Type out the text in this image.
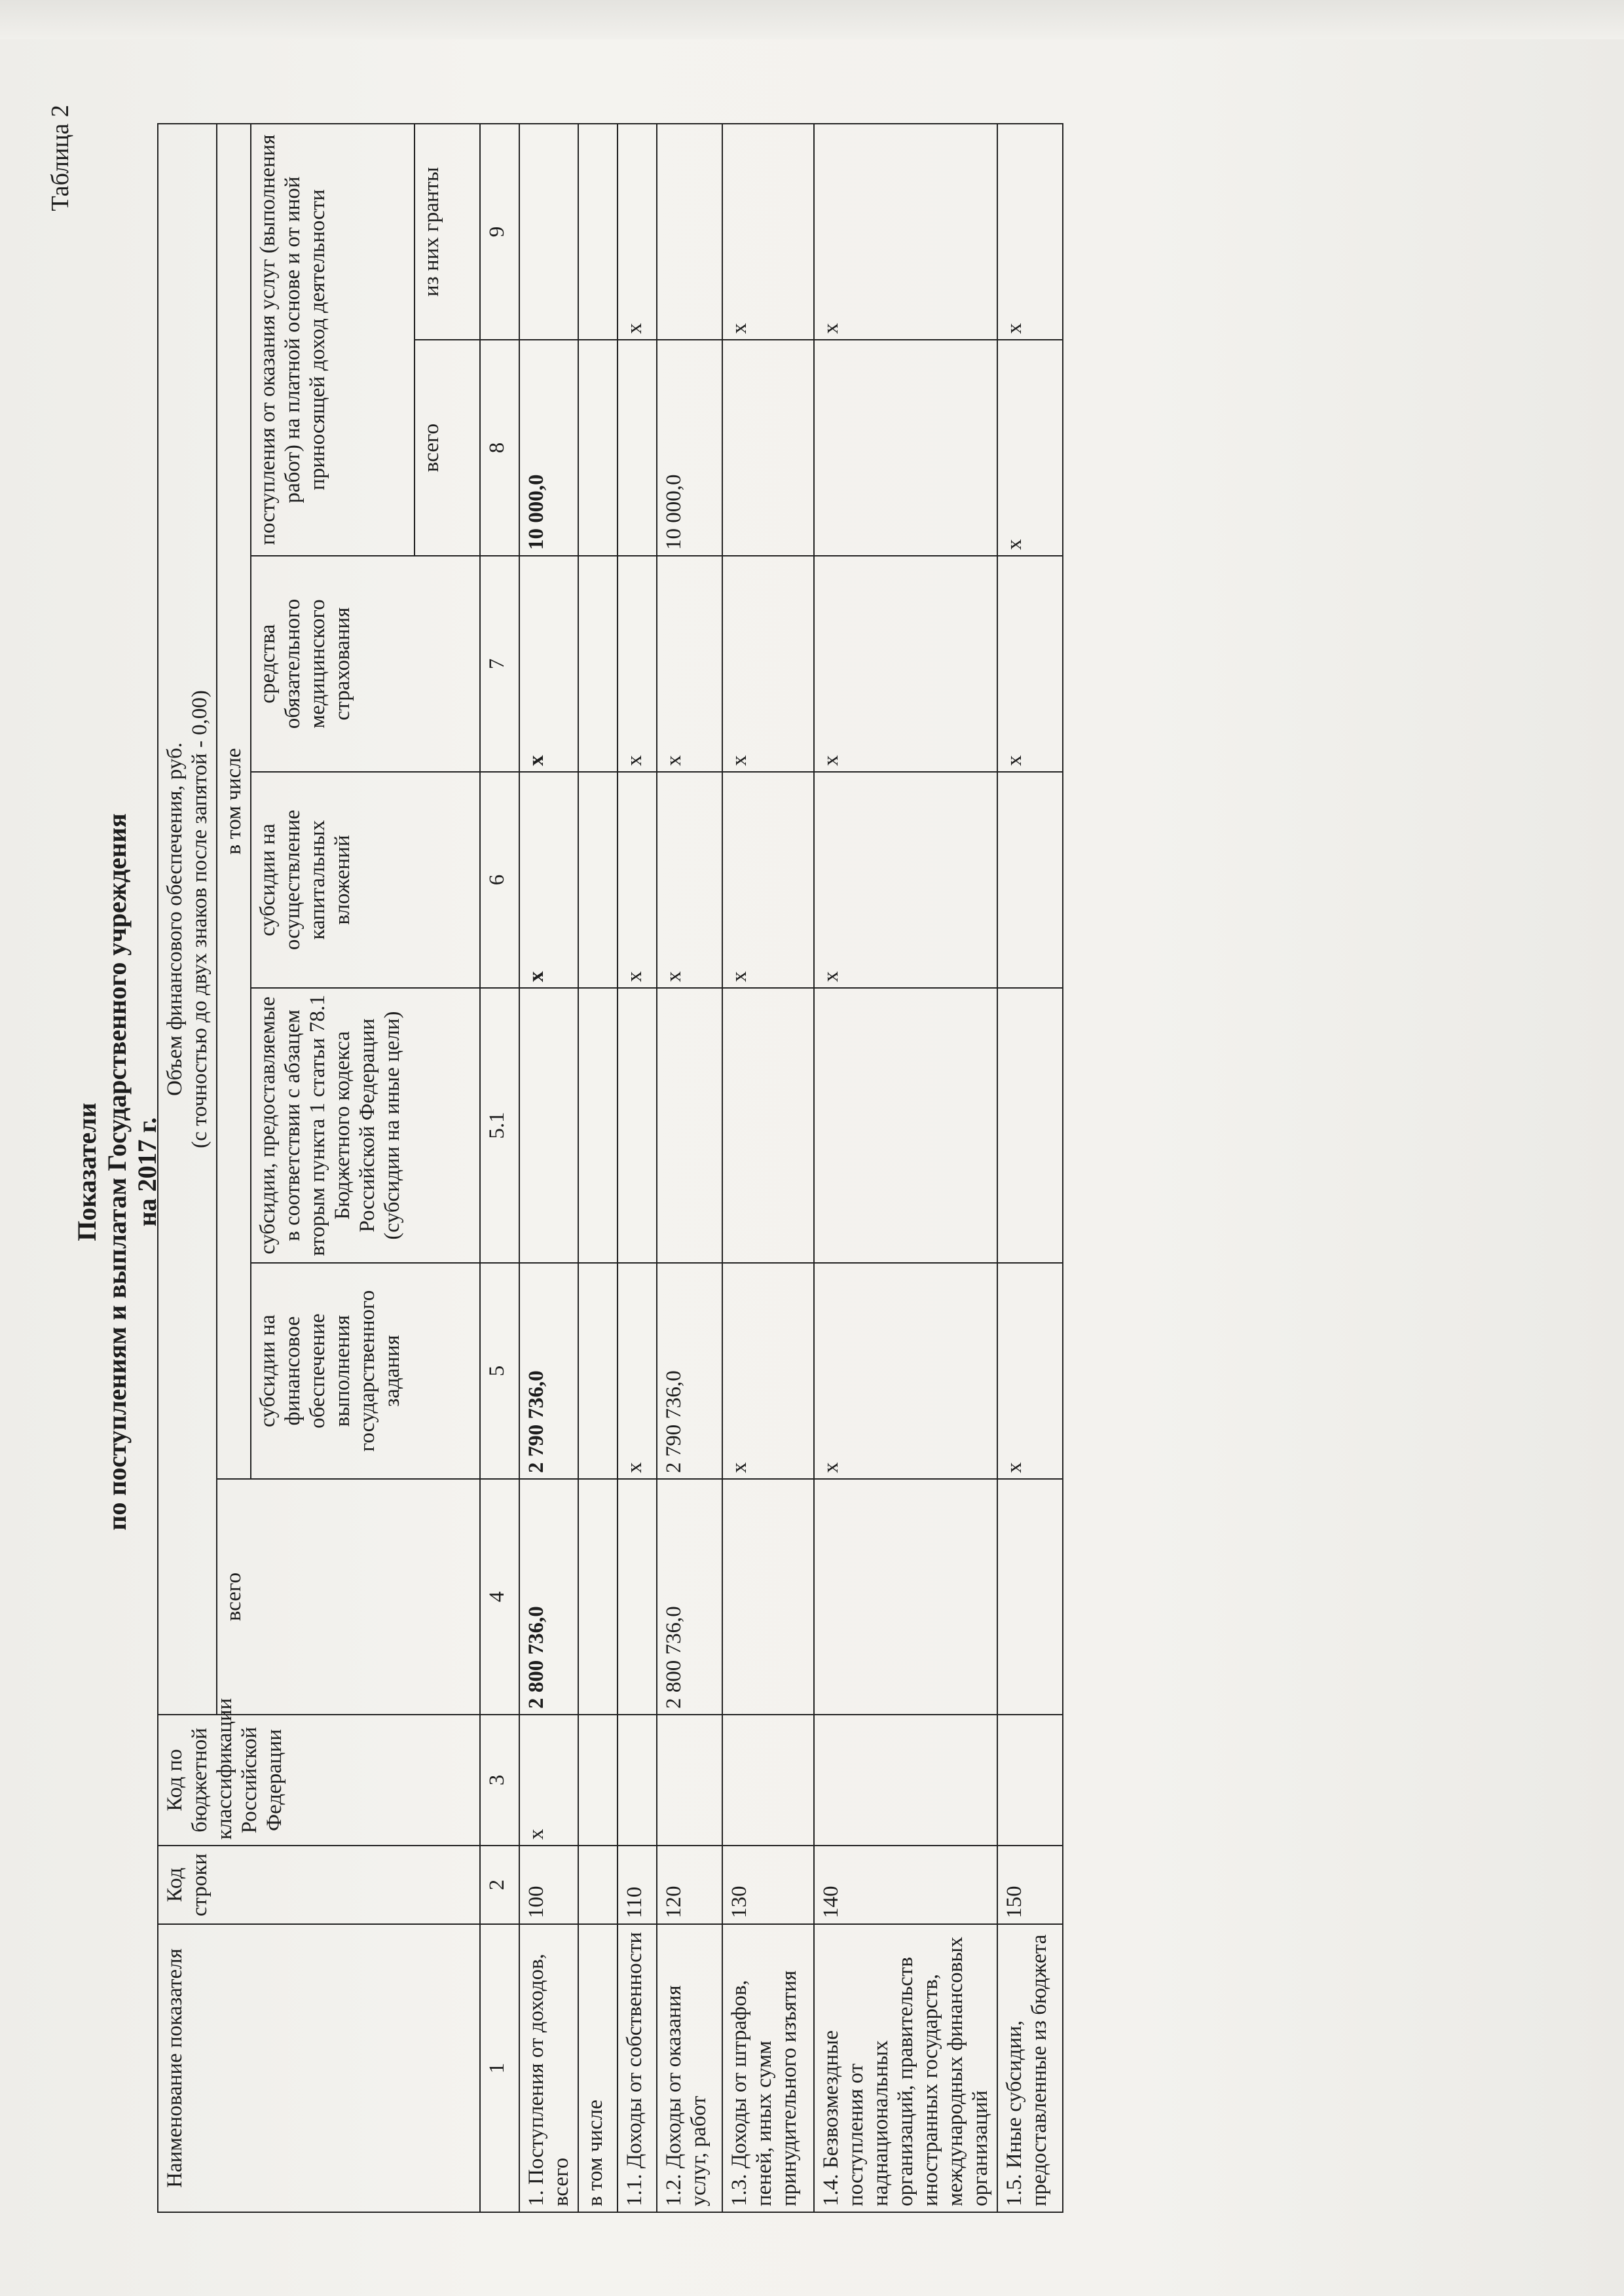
Таблица 2
Показатели по поступлениям и выплатам Государственного учреждения на 2017 г.
Наименование показателя	Код строки	Код по бюджетной классификации Российской Федерации	Объем финансового обеспечения, руб. (с точностью до двух знаков после запятой - 0,00)						

			всего	в том числе					
				субсидии на финансовое обеспечение выполнения государственного задания	субсидии, предоставляемые в соответствии с абзацем вторым пункта 1 статьи 78.1 Бюджетного кодекса Российской Федерации (субсидии на иные цели)	субсидии на осуществление капитальных вложений	средства обязательного медицинского страхования	поступления от оказания услуг (выполнения работ) на платной основе и от иной приносящей доход деятельности	
								всего	из них гранты
1	2	3	4	5	5.1	6	7	8	9
1. Поступления от доходов, всего	100	x	2 800 736,0	2 790 736,0		x	x	10 000,0	
в том числе									
1.1. Доходы от собственности	110			x		x	x		x
1.2. Доходы от оказания услуг, работ	120		2 800 736,0	2 790 736,0		x	x	10 000,0	
1.3. Доходы от штрафов, пеней, иных сумм принудительного изъятия	130			x		x	x		x
1.4. Безвозмездные поступления от наднациональных организаций, правительств иностранных государств, международных финансовых организаций	140			x		x	x		x
1.5. Иные субсидии, предоставленные из бюджета	150			x			x	x	x
